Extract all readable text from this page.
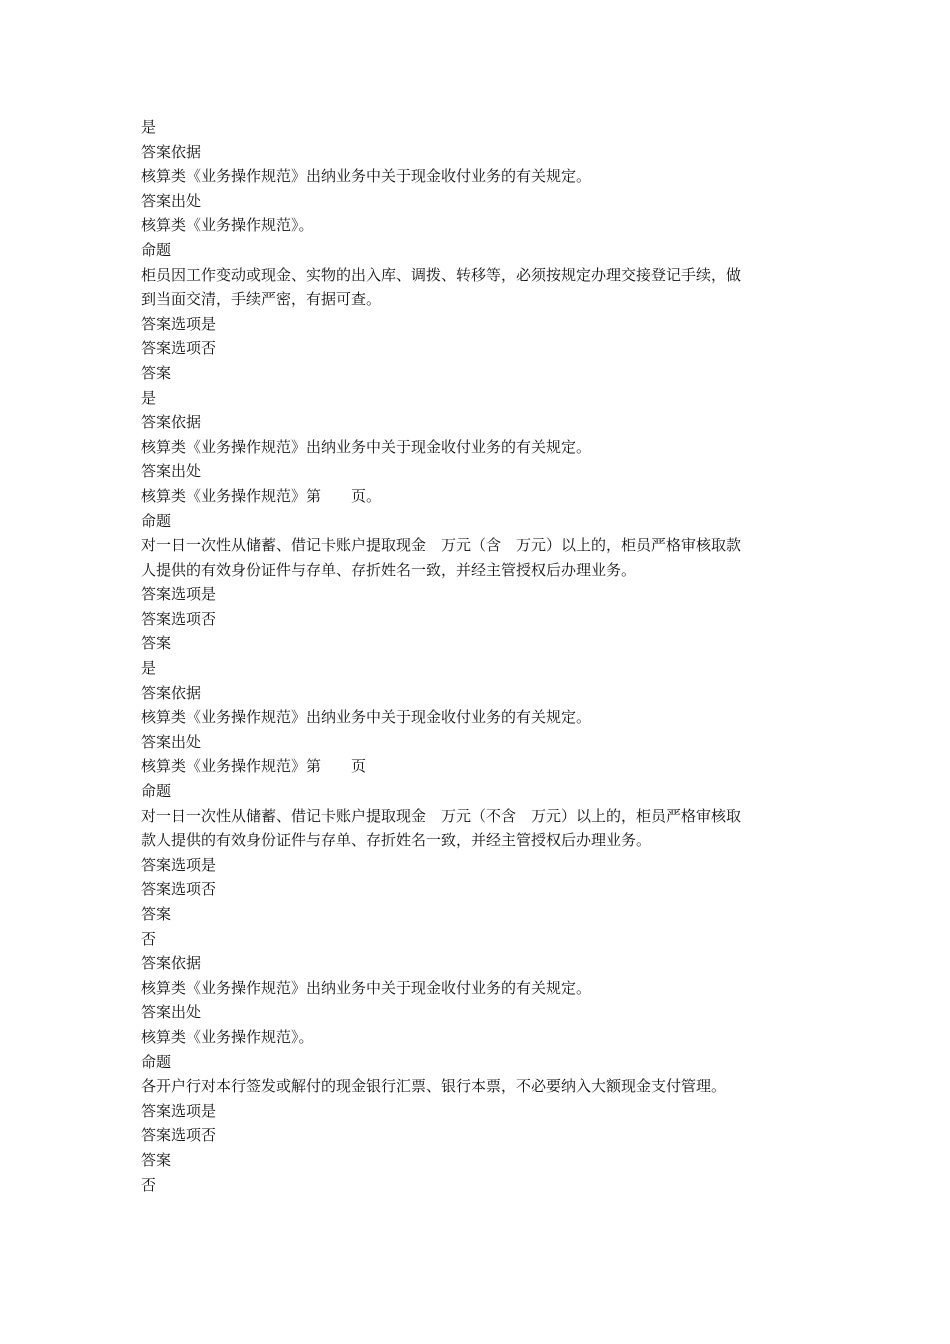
是

答案依据

核算类《业务操作规范》出纳业务中关于现金收付业务的有关规定。

答案出处

核算类《业务操作规范》。

命题

柜员因工作变动或现金、实物的出入库、调拨、转移等，必须按规定办理交接登记手续，做

到当面交清，手续严密，有据可查。

答案选项是

答案选项否

答案

是

答案依据

核算类《业务操作规范》出纳业务中关于现金收付业务的有关规定。

答案出处

核算类《业务操作规范》第　　页。

命题

对一日一次性从储蓄、借记卡账户提取现金　万元（含　万元）以上的，柜员严格审核取款

人提供的有效身份证件与存单、存折姓名一致，并经主管授权后办理业务。

答案选项是

答案选项否

答案

是

答案依据

核算类《业务操作规范》出纳业务中关于现金收付业务的有关规定。

答案出处

核算类《业务操作规范》第　　页

命题

对一日一次性从储蓄、借记卡账户提取现金　万元（不含　万元）以上的，柜员严格审核取

款人提供的有效身份证件与存单、存折姓名一致，并经主管授权后办理业务。

答案选项是

答案选项否

答案

否

答案依据

核算类《业务操作规范》出纳业务中关于现金收付业务的有关规定。

答案出处

核算类《业务操作规范》。

命题

各开户行对本行签发或解付的现金银行汇票、银行本票，不必要纳入大额现金支付管理。

答案选项是

答案选项否

答案

否
